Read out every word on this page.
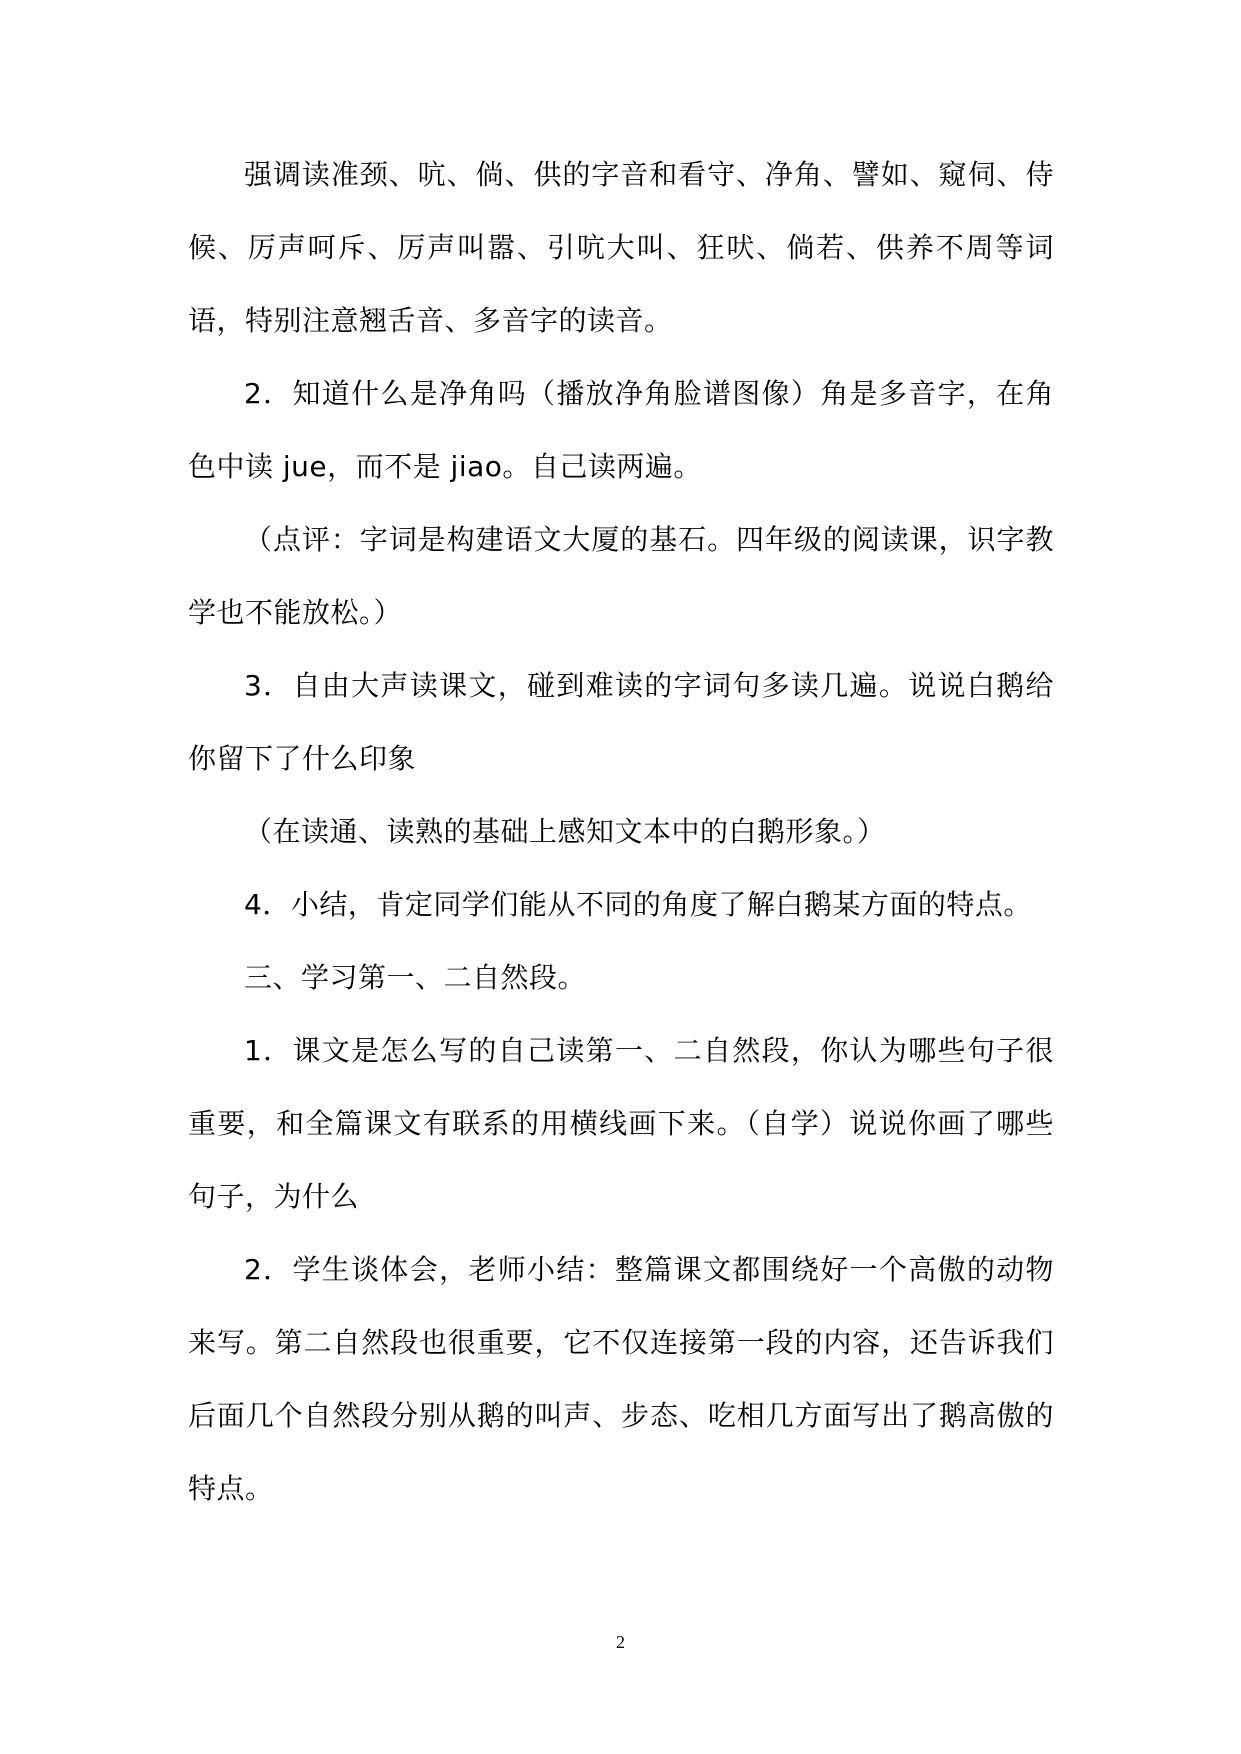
强调读准颈、吭、倘、供的字音和看守、净角、譬如、窥伺、侍候、厉声呵斥、厉声叫嚣、引吭大叫、狂吠、倘若、供养不周等词语，特别注意翘舌音、多音字的读音。

2．知道什么是净角吗（播放净角脸谱图像）角是多音字，在角色中读 jue，而不是 jiao。自己读两遍。

（点评：字词是构建语文大厦的基石。四年级的阅读课，识字教学也不能放松。）

3．自由大声读课文，碰到难读的字词句多读几遍。说说白鹅给你留下了什么印象

（在读通、读熟的基础上感知文本中的白鹅形象。）

4．小结，肯定同学们能从不同的角度了解白鹅某方面的特点。

三、学习第一、二自然段。

1．课文是怎么写的自己读第一、二自然段，你认为哪些句子很重要，和全篇课文有联系的用横线画下来。（自学）说说你画了哪些句子，为什么

2．学生谈体会，老师小结：整篇课文都围绕好一个高傲的动物来写。第二自然段也很重要，它不仅连接第一段的内容，还告诉我们后面几个自然段分别从鹅的叫声、步态、吃相几方面写出了鹅高傲的特点。

2
